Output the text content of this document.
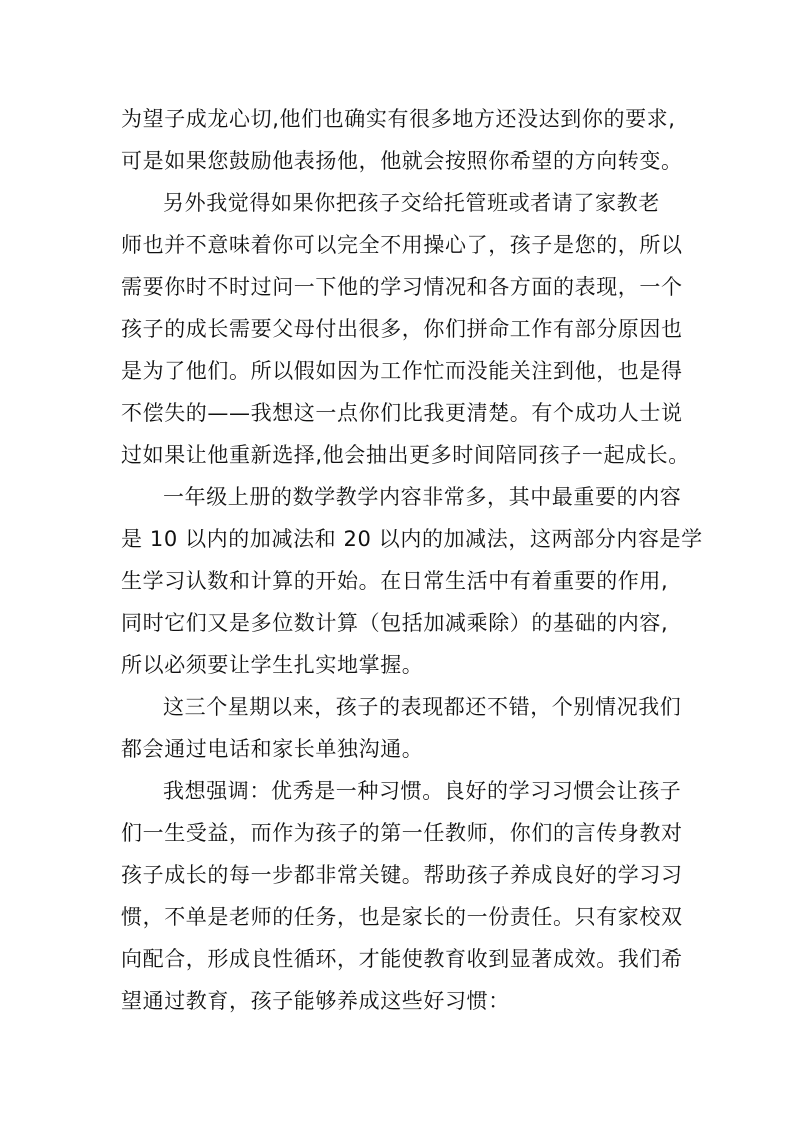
为望子成龙心切,他们也确实有很多地方还没达到你的要求,
可是如果您鼓励他表扬他，他就会按照你希望的方向转变。
另外我觉得如果你把孩子交给托管班或者请了家教老
师也并不意味着你可以完全不用操心了，孩子是您的，所以
需要你时不时过问一下他的学习情况和各方面的表现，一个
孩子的成长需要父母付出很多，你们拼命工作有部分原因也
是为了他们。所以假如因为工作忙而没能关注到他，也是得
不偿失的——我想这一点你们比我更清楚。有个成功人士说
过如果让他重新选择,他会抽出更多时间陪同孩子一起成长。
一年级上册的数学教学内容非常多，其中最重要的内容
是 10 以内的加减法和 20 以内的加减法，这两部分内容是学
生学习认数和计算的开始。在日常生活中有着重要的作用,
同时它们又是多位数计算（包括加减乘除）的基础的内容,
所以必须要让学生扎实地掌握。
这三个星期以来，孩子的表现都还不错，个别情况我们
都会通过电话和家长单独沟通。
我想强调：优秀是一种习惯。良好的学习习惯会让孩子
们一生受益，而作为孩子的第一任教师，你们的言传身教对
孩子成长的每一步都非常关键。帮助孩子养成良好的学习习
惯，不单是老师的任务，也是家长的一份责任。只有家校双
向配合，形成良性循环，才能使教育收到显著成效。我们希
望通过教育，孩子能够养成这些好习惯：
